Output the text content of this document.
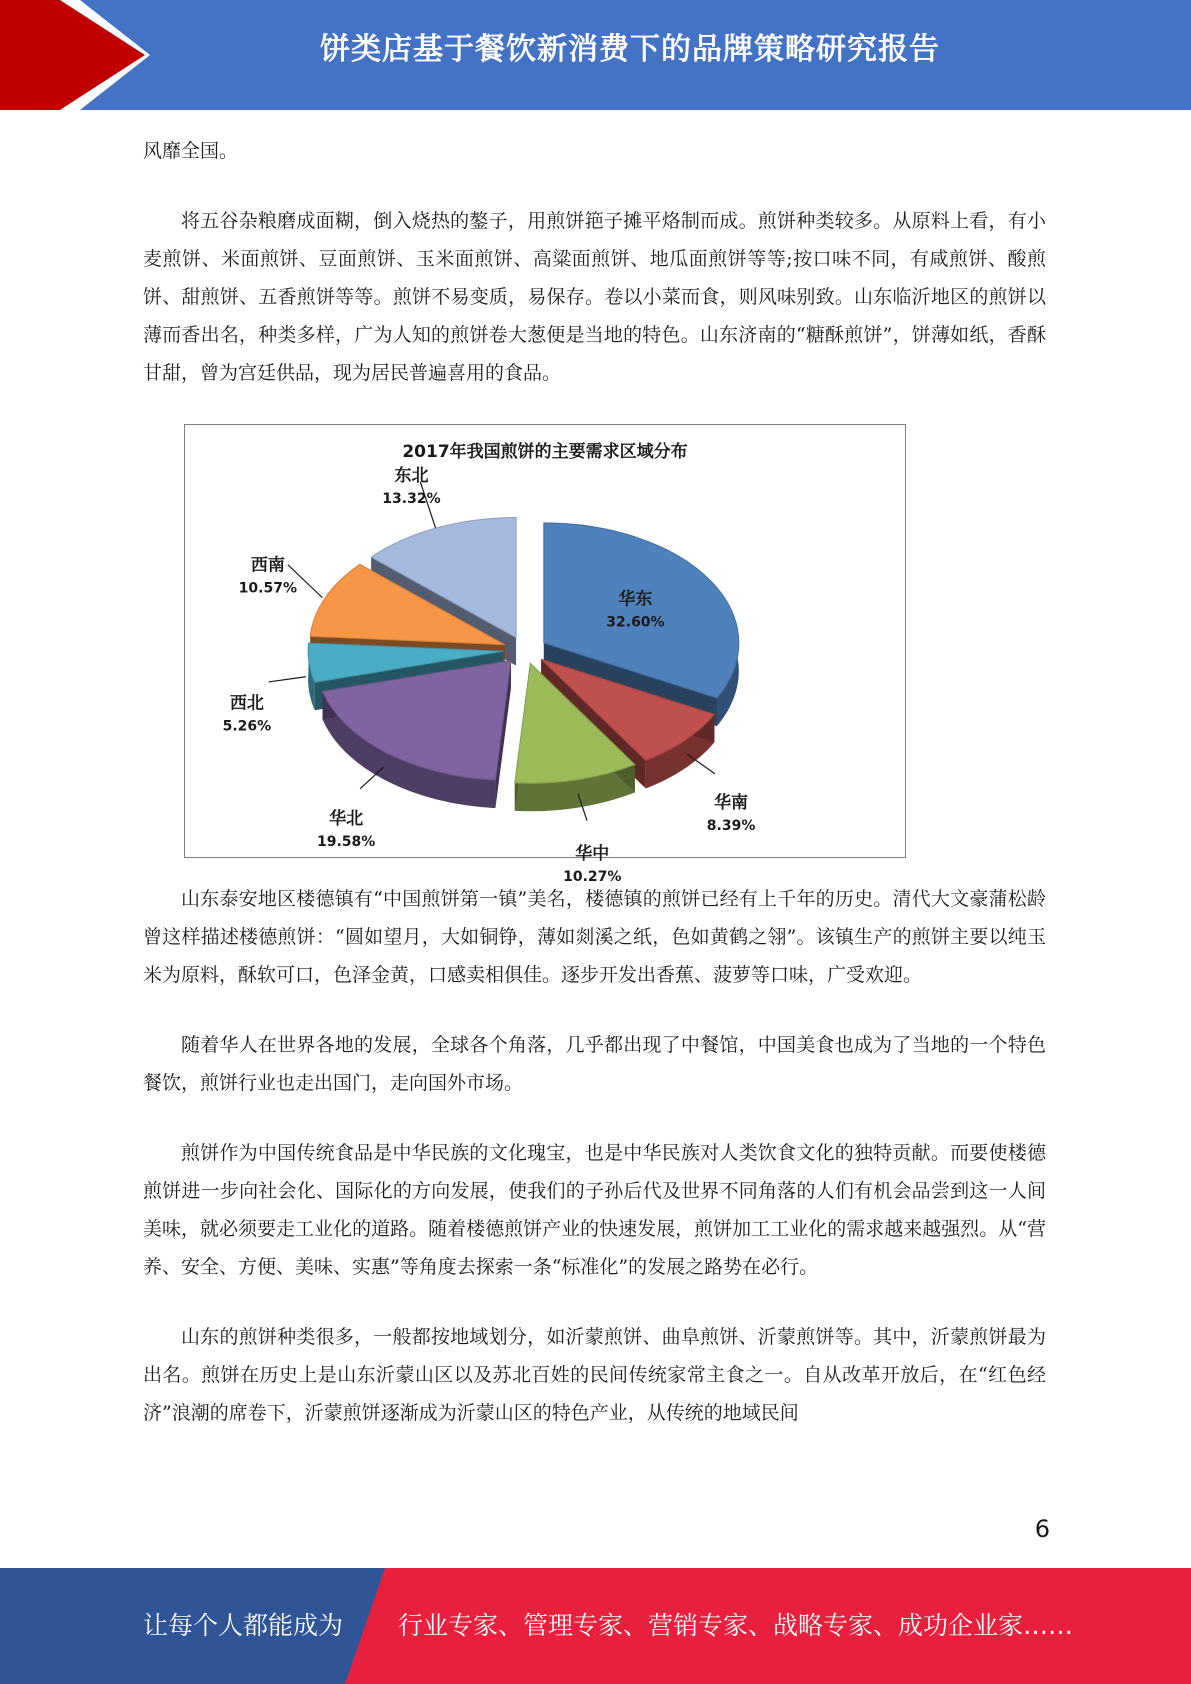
饼类店基于餐饮新消费下的品牌策略研究报告

风靡全国。

将五谷杂粮磨成面糊，倒入烧热的鏊子，用煎饼筢子摊平烙制而成。煎饼种类较多。从原料上看，有小麦煎饼、米面煎饼、豆面煎饼、玉米面煎饼、高粱面煎饼、地瓜面煎饼等等;按口味不同，有咸煎饼、酸煎饼、甜煎饼、五香煎饼等等。煎饼不易变质，易保存。卷以小菜而食，则风味别致。山东临沂地区的煎饼以薄而香出名，种类多样，广为人知的煎饼卷大葱便是当地的特色。山东济南的“糖酥煎饼”，饼薄如纸，香酥甘甜，曾为宫廷供品，现为居民普遍喜用的食品。

2017年我国煎饼的主要需求区域分布
华东
32.60%
华南
8.39%
华中
10.27%
华北
19.58%
西北
5.26%
西南
10.57%
东北
13.32%

山东泰安地区楼德镇有“中国煎饼第一镇”美名，楼德镇的煎饼已经有上千年的历史。清代大文豪蒲松龄曾这样描述楼德煎饼：“圆如望月，大如铜铮，薄如剡溪之纸，色如黄鹤之翎”。该镇生产的煎饼主要以纯玉米为原料，酥软可口，色泽金黄，口感卖相俱佳。逐步开发出香蕉、菠萝等口味，广受欢迎。

随着华人在世界各地的发展，全球各个角落，几乎都出现了中餐馆，中国美食也成为了当地的一个特色餐饮，煎饼行业也走出国门，走向国外市场。

煎饼作为中国传统食品是中华民族的文化瑰宝，也是中华民族对人类饮食文化的独特贡献。而要使楼德煎饼进一步向社会化、国际化的方向发展，使我们的子孙后代及世界不同角落的人们有机会品尝到这一人间美味，就必须要走工业化的道路。随着楼德煎饼产业的快速发展，煎饼加工工业化的需求越来越强烈。从“营养、安全、方便、美味、实惠”等角度去探索一条“标准化”的发展之路势在必行。

山东的煎饼种类很多，一般都按地域划分，如沂蒙煎饼、曲阜煎饼、沂蒙煎饼等。其中，沂蒙煎饼最为出名。煎饼在历史上是山东沂蒙山区以及苏北百姓的民间传统家常主食之一。自从改革开放后，在“红色经济”浪潮的席卷下，沂蒙煎饼逐渐成为沂蒙山区的特色产业，从传统的地域民间

6
让每个人都能成为 行业专家、管理专家、营销专家、战略专家、成功企业家……
